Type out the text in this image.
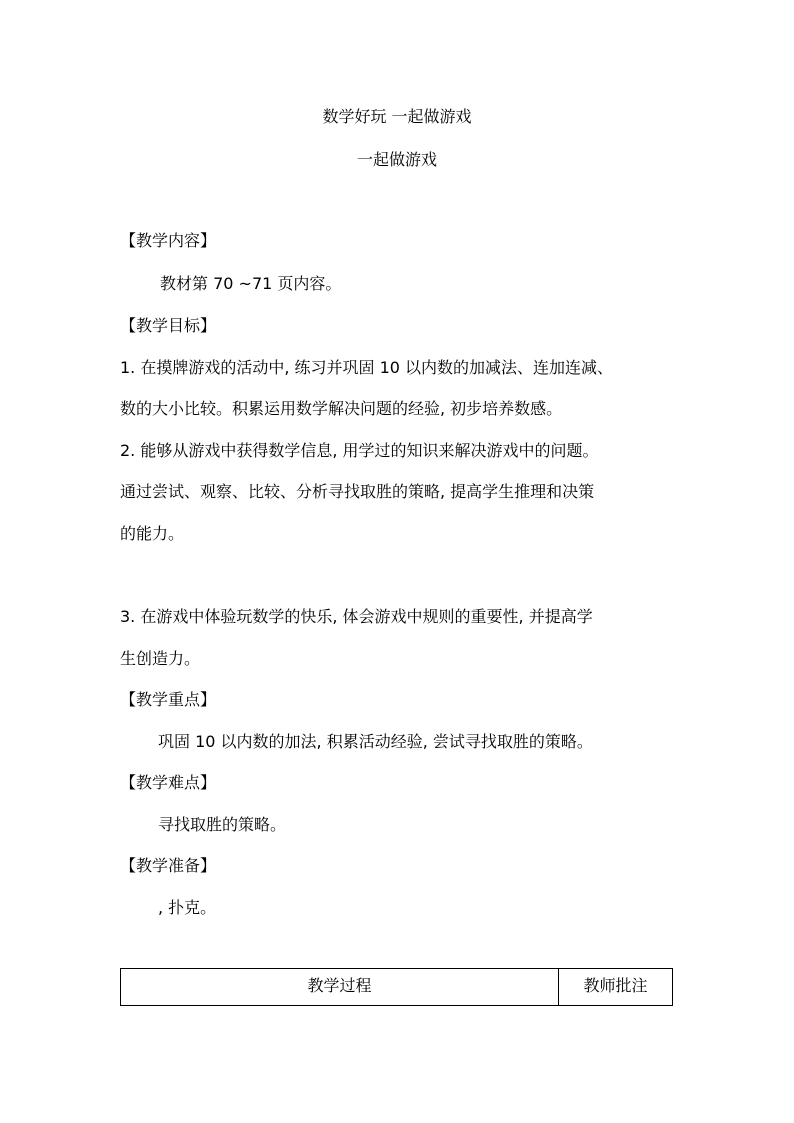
数学好玩 一起做游戏
一起做游戏
【教学内容】
教材第 70 ~71 页内容。
【教学目标】
1. 在摸牌游戏的活动中, 练习并巩固 10 以内数的加减法、连加连减、
数的大小比较。积累运用数学解决问题的经验, 初步培养数感。
2. 能够从游戏中获得数学信息, 用学过的知识来解决游戏中的问题。
通过尝试、观察、比较、分析寻找取胜的策略, 提高学生推理和决策
的能力。
3. 在游戏中体验玩数学的快乐, 体会游戏中规则的重要性, 并提高学
生创造力。
【教学重点】
巩固 10 以内数的加法, 积累活动经验, 尝试寻找取胜的策略。
【教学难点】
寻找取胜的策略。
【教学准备】
, 扑克。
教学过程	教师批注
